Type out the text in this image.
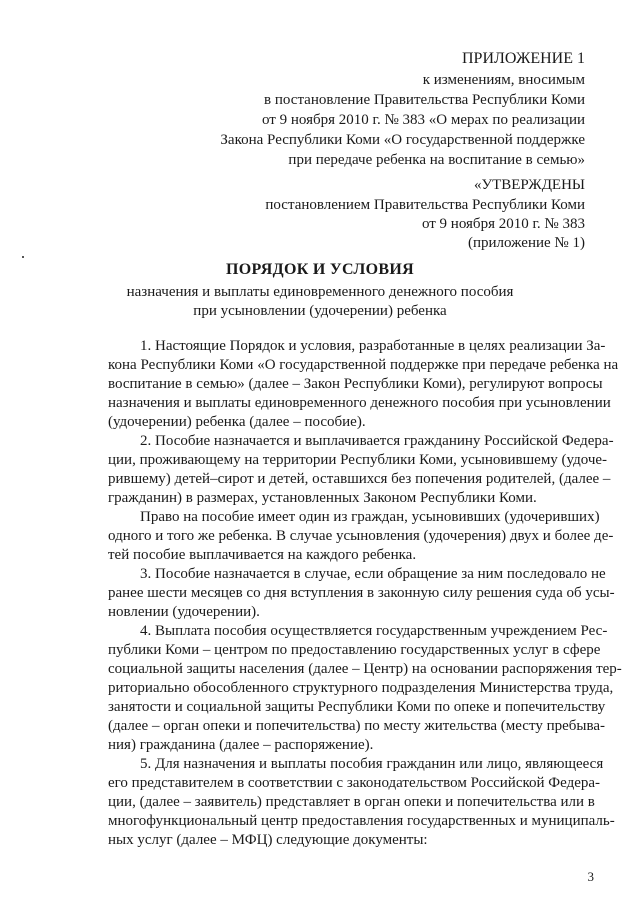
ПРИЛОЖЕНИЕ 1

к изменениям, вносимым

в постановление Правительства Республики Коми

от 9 ноября 2010 г. № 383 «О мерах по реализации

Закона Республики Коми «О государственной поддержке

при передаче ребенка на воспитание в семью»

«УТВЕРЖДЕНЫ

постановлением Правительства Республики Коми

от 9 ноября 2010 г. № 383

(приложение № 1)

ПОРЯДОК И УСЛОВИЯ

назначения и выплаты единовременного денежного пособия

при усыновлении (удочерении) ребенка

1. Настоящие Порядок и условия, разработанные в целях реализации За-

кона Республики Коми «О государственной поддержке при передаче ребенка на

воспитание в семью» (далее – Закон Республики Коми), регулируют вопросы

назначения и выплаты единовременного денежного пособия при усыновлении

(удочерении) ребенка (далее – пособие).

2. Пособие назначается и выплачивается гражданину Российской Федера-

ции, проживающему на территории Республики Коми, усыновившему (удоче-

рившему) детей–сирот и детей, оставшихся без попечения родителей, (далее –

гражданин) в размерах, установленных Законом Республики Коми.

Право на пособие имеет один из граждан, усыновивших (удочеривших)

одного и того же ребенка. В случае усыновления (удочерения) двух и более де-

тей пособие выплачивается на каждого ребенка.

3. Пособие назначается в случае, если обращение за ним последовало не

ранее шести месяцев со дня вступления в законную силу решения суда об усы-

новлении (удочерении).

4. Выплата пособия осуществляется государственным учреждением Рес-

публики Коми – центром по предоставлению государственных услуг в сфере

социальной защиты населения (далее – Центр) на основании распоряжения тер-

риториально обособленного структурного подразделения Министерства труда,

занятости и социальной защиты Республики Коми по опеке и попечительству

(далее – орган опеки и попечительства) по месту жительства (месту пребыва-

ния) гражданина (далее – распоряжение).

5. Для назначения и выплаты пособия гражданин или лицо, являющееся

его представителем в соответствии с законодательством Российской Федера-

ции, (далее – заявитель) представляет в орган опеки и попечительства или в

многофункциональный центр предоставления государственных и муниципаль-

ных услуг (далее – МФЦ) следующие документы:

3
